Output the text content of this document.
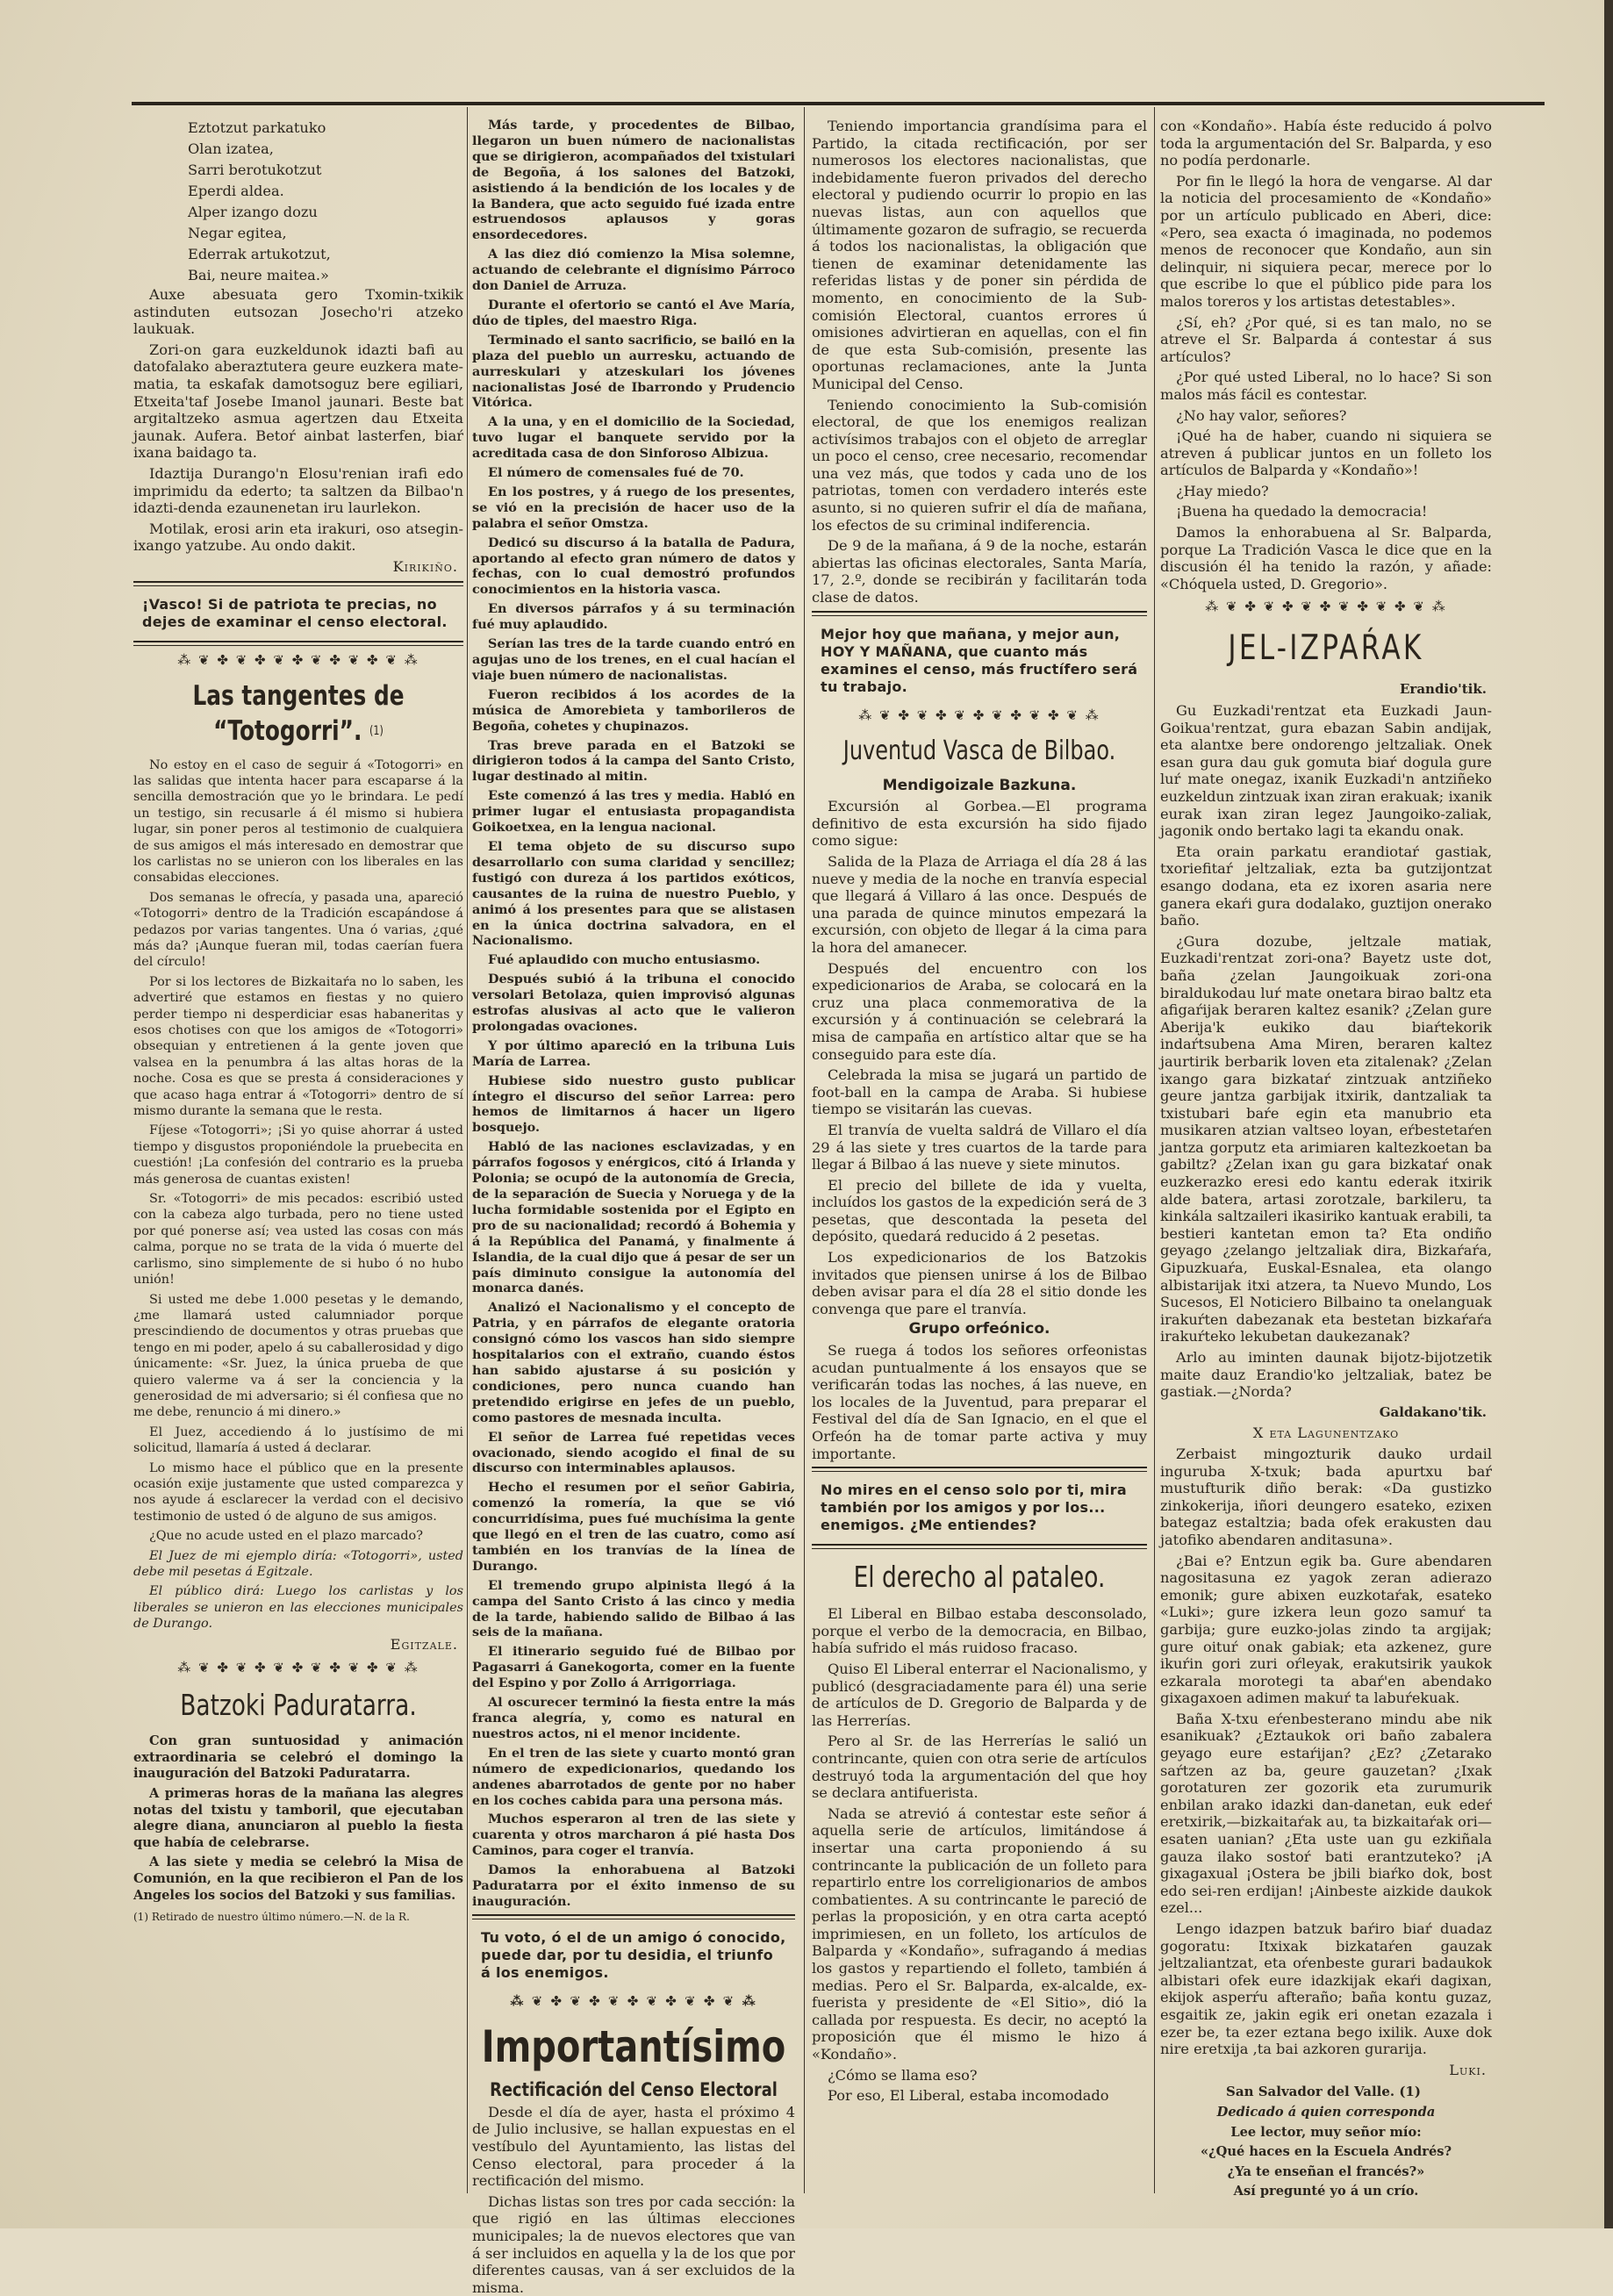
Eztotzut parkatuko

Olan izatea,

Sarri berotukotzut

Eperdi aldea.

Alper izango dozu

Negar egitea,

Ederrak artukotzut,

Bai, neure maitea.»

Auxe abesuata gero Txomin-txikik astinduten eutsozan Josecho'ri atzeko laukuak.

Zori-on gara euzkeldunok idazti bafi au datofalako aberaztutera geure euzkera mate-matia, ta eskafak damotsoguz bere egiliari, Etxeita'taf Josebe Imanol jaunari. Beste bat argitaltzeko asmua agertzen dau Etxeita jaunak. Aufera. Betoŕ ainbat lasterfen, biaŕ ixana baidago ta.

Idaztija Durango'n Elosu'renian irafi edo imprimidu da ederto; ta saltzen da Bilbao'n idazti-denda ezaunenetan iru laurlekon.

Motilak, erosi arin eta irakuri, oso atsegin-ixango yatzube. Au ondo dakit.

Kirikiño.

¡Vasco! Si de patriota te precias, no dejes de examinar el censo electoral.

⁂ ❦ ✤ ❦ ✤ ❦ ✤ ❦ ✤ ❦ ✤ ❦ ⁂

Las tangentes de “Totogorri”. $^{(1)}$

No estoy en el caso de seguir á «Totogorri» en las salidas que intenta hacer para escaparse á la sencilla demostración que yo le brindara. Le pedí un testigo, sin recusarle á él mismo si hubiera lugar, sin poner peros al testimonio de cualquiera de sus amigos el más interesado en demostrar que los carlistas no se unieron con los liberales en las consabidas elecciones.

Dos semanas le ofrecía, y pasada una, apareció «Totogorri» dentro de la Tradición escapándose á pedazos por varias tangentes. Una ó varias, ¿qué más da? ¡Aunque fueran mil, todas caerían fuera del círculo!

Por si los lectores de Bizkaitaŕa no lo saben, les advertiré que estamos en fiestas y no quiero perder tiempo ni desperdiciar esas habaneritas y esos chotises con que los amigos de «Totogorri» obsequian y entretienen á la gente joven que valsea en la penumbra á las altas horas de la noche. Cosa es que se presta á consideraciones y que acaso haga entrar á «Totogorri» dentro de sí mismo durante la semana que le resta.

Fíjese «Totogorri»; ¡Si yo quise ahorrar á usted tiempo y disgustos proponiéndole la pruebecita en cuestión! ¡La confesión del contrario es la prueba más generosa de cuantas existen!

Sr. «Totogorri» de mis pecados: escribió usted con la cabeza algo turbada, pero no tiene usted por qué ponerse así; vea usted las cosas con más calma, porque no se trata de la vida ó muerte del carlismo, sino simplemente de si hubo ó no hubo unión!

Si usted me debe 1.000 pesetas y le demando, ¿me llamará usted calumniador porque prescindiendo de documentos y otras pruebas que tengo en mi poder, apelo á su caballerosidad y digo únicamente: «Sr. Juez, la única prueba de que quiero valerme va á ser la conciencia y la generosidad de mi adversario; si él confiesa que no me debe, renuncio á mi dinero.»

El Juez, accediendo á lo justísimo de mi solicitud, llamaría á usted á declarar.

Lo mismo hace el público que en la presente ocasión exije justamente que usted comparezca y nos ayude á esclarecer la verdad con el decisivo testimonio de usted ó de alguno de sus amigos.

¿Que no acude usted en el plazo marcado?

El Juez de mi ejemplo diría: «Totogorri», usted debe mil pesetas á Egitzale.

El público dirá: Luego los carlistas y los liberales se unieron en las elecciones municipales de Durango.

Egitzale.

⁂ ❦ ✤ ❦ ✤ ❦ ✤ ❦ ✤ ❦ ✤ ❦ ⁂

Batzoki Paduratarra.

Con gran suntuosidad y animación extraordinaria se celebró el domingo la inauguración del Batzoki Paduratarra.

A primeras horas de la mañana las alegres notas del txistu y tamboril, que ejecutaban alegre diana, anunciaron al pueblo la fiesta que había de celebrarse.

A las siete y media se celebró la Misa de Comunión, en la que recibieron el Pan de los Angeles los socios del Batzoki y sus familias.

(1) Retirado de nuestro último número.—N. de la R.

Más tarde, y procedentes de Bilbao, llegaron un buen número de nacionalistas que se dirigieron, acompañados del txistulari de Begoña, á los salones del Batzoki, asistiendo á la bendición de los locales y de la Bandera, que acto seguido fué izada entre estruendosos aplausos y goras ensordecedores.

A las diez dió comienzo la Misa solemne, actuando de celebrante el dignísimo Párroco don Daniel de Arruza.

Durante el ofertorio se cantó el Ave María, dúo de tiples, del maestro Riga.

Terminado el santo sacrificio, se bailó en la plaza del pueblo un aurresku, actuando de aurreskulari y atzeskulari los jóvenes nacionalistas José de Ibarrondo y Prudencio Vitórica.

A la una, y en el domicilio de la Sociedad, tuvo lugar el banquete servido por la acreditada casa de don Sinforoso Albizua.

El número de comensales fué de 70.

En los postres, y á ruego de los presentes, se vió en la precisión de hacer uso de la palabra el señor Omstza.

Dedicó su discurso á la batalla de Padura, aportando al efecto gran número de datos y fechas, con lo cual demostró profundos conocimientos en la historia vasca.

En diversos párrafos y á su terminación fué muy aplaudido.

Serían las tres de la tarde cuando entró en agujas uno de los trenes, en el cual hacían el viaje buen número de nacionalistas.

Fueron recibidos á los acordes de la música de Amorebieta y tamborileros de Begoña, cohetes y chupinazos.

Tras breve parada en el Batzoki se dirigieron todos á la campa del Santo Cristo, lugar destinado al mitin.

Este comenzó á las tres y media. Habló en primer lugar el entusiasta propagandista Goikoetxea, en la lengua nacional.

El tema objeto de su discurso supo desarrollarlo con suma claridad y sencillez; fustigó con dureza á los partidos exóticos, causantes de la ruina de nuestro Pueblo, y animó á los presentes para que se alistasen en la única doctrina salvadora, en el Nacionalismo.

Fué aplaudido con mucho entusiasmo.

Después subió á la tribuna el conocido versolari Betolaza, quien improvisó algunas estrofas alusivas al acto que le valieron prolongadas ovaciones.

Y por último apareció en la tribuna Luis María de Larrea.

Hubiese sido nuestro gusto publicar íntegro el discurso del señor Larrea: pero hemos de limitarnos á hacer un ligero bosquejo.

Habló de las naciones esclavizadas, y en párrafos fogosos y enérgicos, citó á Irlanda y Polonia; se ocupó de la autonomía de Grecia, de la separación de Suecia y Noruega y de la lucha formidable sostenida por el Egipto en pro de su nacionalidad; recordó á Bohemia y á la República del Panamá, y finalmente á Islandia, de la cual dijo que á pesar de ser un país diminuto consigue la autonomía del monarca danés.

Analizó el Nacionalismo y el concepto de Patria, y en párrafos de elegante oratoria consignó cómo los vascos han sido siempre hospitalarios con el extraño, cuando éstos han sabido ajustarse á su posición y condiciones, pero nunca cuando han pretendido erigirse en jefes de un pueblo, como pastores de mesnada inculta.

El señor de Larrea fué repetidas veces ovacionado, siendo acogido el final de su discurso con interminables aplausos.

Hecho el resumen por el señor Gabiria, comenzó la romería, la que se vió concurridísima, pues fué muchísima la gente que llegó en el tren de las cuatro, como así también en los tranvías de la línea de Durango.

El tremendo grupo alpinista llegó á la campa del Santo Cristo á las cinco y media de la tarde, habiendo salido de Bilbao á las seis de la mañana.

El itinerario seguido fué de Bilbao por Pagasarri á Ganekogorta, comer en la fuente del Espino y por Zollo á Arrigorriaga.

Al oscurecer terminó la fiesta entre la más franca alegría, y, como es natural en nuestros actos, ni el menor incidente.

En el tren de las siete y cuarto montó gran número de expedicionarios, quedando los andenes abarrotados de gente por no haber en los coches cabida para una persona más.

Muchos esperaron al tren de las siete y cuarenta y otros marcharon á pié hasta Dos Caminos, para coger el tranvía.

Damos la enhorabuena al Batzoki Paduratarra por el éxito inmenso de su inauguración.

Tu voto, ó el de un amigo ó conocido, puede dar, por tu desidia, el triunfo á los enemigos.

⁂ ❦ ✤ ❦ ✤ ❦ ✤ ❦ ✤ ❦ ✤ ❦ ⁂

Importantísimo

Rectificación del Censo Electoral

Desde el día de ayer, hasta el próximo 4 de Julio inclusive, se hallan expuestas en el vestíbulo del Ayuntamiento, las listas del Censo electoral, para proceder á la rectificación del mismo.

Dichas listas son tres por cada sección: la que rigió en las últimas elecciones municipales; la de nuevos electores que van á ser incluidos en aquella y la de los que por diferentes causas, van á ser excluidos de la misma.

Teniendo importancia grandísima para el Partido, la citada rectificación, por ser numerosos los electores nacionalistas, que indebidamente fueron privados del derecho electoral y pudiendo ocurrir lo propio en las nuevas listas, aun con aquellos que últimamente gozaron de sufragio, se recuerda á todos los nacionalistas, la obligación que tienen de examinar detenidamente las referidas listas y de poner sin pérdida de momento, en conocimiento de la Sub-comisión Electoral, cuantos errores ú omisiones advirtieran en aquellas, con el fin de que esta Sub-comisión, presente las oportunas reclamaciones, ante la Junta Municipal del Censo.

Teniendo conocimiento la Sub-comisión electoral, de que los enemigos realizan activísimos trabajos con el objeto de arreglar un poco el censo, cree necesario, recomendar una vez más, que todos y cada uno de los patriotas, tomen con verdadero interés este asunto, si no quieren sufrir el día de mañana, los efectos de su criminal indiferencia.

De 9 de la mañana, á 9 de la noche, estarán abiertas las oficinas electorales, Santa María, 17, 2.º, donde se recibirán y facilitarán toda clase de datos.

Mejor hoy que mañana, y mejor aun, HOY Y MAÑANA, que cuanto más examines el censo, más fructífero será tu trabajo.

⁂ ❦ ✤ ❦ ✤ ❦ ✤ ❦ ✤ ❦ ✤ ❦ ⁂

Juventud Vasca de Bilbao.

Mendigoizale Bazkuna.

Excursión al Gorbea.—El programa definitivo de esta excursión ha sido fijado como sigue:

Salida de la Plaza de Arriaga el día 28 á las nueve y media de la noche en tranvía especial que llegará á Villaro á las once. Después de una parada de quince minutos empezará la excursión, con objeto de llegar á la cima para la hora del amanecer.

Después del encuentro con los expedicionarios de Araba, se colocará en la cruz una placa conmemorativa de la excursión y á continuación se celebrará la misa de campaña en artístico altar que se ha conseguido para este día.

Celebrada la misa se jugará un partido de foot-ball en la campa de Araba. Si hubiese tiempo se visitarán las cuevas.

El tranvía de vuelta saldrá de Villaro el día 29 á las siete y tres cuartos de la tarde para llegar á Bilbao á las nueve y siete minutos.

El precio del billete de ida y vuelta, incluídos los gastos de la expedición será de 3 pesetas, que descontada la peseta del depósito, quedará reducido á 2 pesetas.

Los expedicionarios de los Batzokis invitados que piensen unirse á los de Bilbao deben avisar para el día 28 el sitio donde les convenga que pare el tranvía.

Grupo orfeónico.

Se ruega á todos los señores orfeonistas acudan puntualmente á los ensayos que se verificarán todas las noches, á las nueve, en los locales de la Juventud, para preparar el Festival del día de San Ignacio, en el que el Orfeón ha de tomar parte activa y muy importante.

No mires en el censo solo por ti, mira también por los amigos y por los... enemigos. ¿Me entiendes?

El derecho al pataleo.

El Liberal en Bilbao estaba desconsolado, porque el verbo de la democracia, en Bilbao, había sufrido el más ruidoso fracaso.

Quiso El Liberal enterrar el Nacionalismo, y publicó (desgraciadamente para él) una serie de artículos de D. Gregorio de Balparda y de las Herrerías.

Pero al Sr. de las Herrerías le salió un contrincante, quien con otra serie de artículos destruyó toda la argumentación del que hoy se declara antifuerista.

Nada se atrevió á contestar este señor á aquella serie de artículos, limitándose á insertar una carta proponiendo á su contrincante la publicación de un folleto para repartirlo entre los correligionarios de ambos combatientes. A su contrincante le pareció de perlas la proposición, y en otra carta aceptó imprimiesen, en un folleto, los artículos de Balparda y «Kondaño», sufragando á medias los gastos y repartiendo el folleto, también á medias. Pero el Sr. Balparda, ex-alcalde, ex-fuerista y presidente de «El Sitio», dió la callada por respuesta. Es decir, no aceptó la proposición que él mismo le hizo á «Kondaño».

¿Cómo se llama eso?

Por eso, El Liberal, estaba incomodado

con «Kondaño». Había éste reducido á polvo toda la argumentación del Sr. Balparda, y eso no podía perdonarle.

Por fin le llegó la hora de vengarse. Al dar la noticia del procesamiento de «Kondaño» por un artículo publicado en Aberi, dice: «Pero, sea exacta ó imaginada, no podemos menos de reconocer que Kondaño, aun sin delinquir, ni siquiera pecar, merece por lo que escribe lo que el público pide para los malos toreros y los artistas detestables».

¿Sí, eh? ¿Por qué, si es tan malo, no se atreve el Sr. Balparda á contestar á sus artículos?

¿Por qué usted Liberal, no lo hace? Si son malos más fácil es contestar.

¿No hay valor, señores?

¡Qué ha de haber, cuando ni siquiera se atreven á publicar juntos en un folleto los artículos de Balparda y «Kondaño»!

¿Hay miedo?

¡Buena ha quedado la democracia!

Damos la enhorabuena al Sr. Balparda, porque La Tradición Vasca le dice que en la discusión él ha tenido la razón, y añade: «Chóquela usted, D. Gregorio».

⁂ ❦ ✤ ❦ ✤ ❦ ✤ ❦ ✤ ❦ ✤ ❦ ⁂

JEL-IZPAŔAK

Erandio'tik.

Gu Euzkadi'rentzat eta Euzkadi Jaun-Goikua'rentzat, gura ebazan Sabin andijak, eta alantxe bere ondorengo jeltzaliak. Onek esan gura dau guk gomuta biaŕ dogula gure luŕ mate onegaz, ixanik Euzkadi'n antziñeko euzkeldun zintzuak ixan ziran erakuak; ixanik eurak ixan ziran legez Jaungoiko-zaliak, jagonik ondo bertako lagi ta ekandu onak.

Eta orain parkatu erandiotaŕ gastiak, txoriefitaŕ jeltzaliak, ezta ba gutzijontzat esango dodana, eta ez ixoren asaria nere ganera ekaŕi gura dodalako, guztijon onerako baño.

¿Gura dozube, jeltzale matiak, Euzkadi'rentzat zori-ona? Bayetz uste dot, baña ¿zelan Jaungoikuak zori-ona biraldukodau luŕ mate onetara birao baltz eta afigaŕijak beraren kaltez esanik? ¿Zelan gure Aberija'k eukiko dau biaŕtekorik indaŕtsubena Ama Miren, beraren kaltez jaurtirik berbarik loven eta zitalenak? ¿Zelan ixango gara bizkataŕ zintzuak antziñeko geure jantza garbijak itxirik, dantzaliak ta txistubari baŕe egin eta manubrio eta musikaren atzian valtseo loyan, eŕbestetaŕen jantza gorputz eta arimiaren kaltezkoetan ba gabiltz? ¿Zelan ixan gu gara bizkataŕ onak euzkerazko eresi edo kantu ederak itxirik alde batera, artasi zorotzale, barkileru, ta kinkála saltzaileri ikasiriko kantuak erabili, ta bestieri kantetan emon ta? Eta ondiño geyago ¿zelango jeltzaliak dira, Bizkaŕaŕa, Gipuzkuaŕa, Euskal-Esnalea, eta olango albistarijak itxi atzera, ta Nuevo Mundo, Los Sucesos, El Noticiero Bilbaino ta onelanguak irakuŕten dabezanak eta bestetan bizkaŕaŕa irakuŕteko lekubetan daukezanak?

Arlo au iminten daunak bijotz-bijotzetik maite dauz Erandio'ko jeltzaliak, batez be gastiak.—¿Norda?

Galdakano'tik.

X eta Lagunentzako

Zerbaist mingozturik dauko urdail inguruba X-txuk; bada apurtxu baŕ mustufturik diño berak: «Da gustizko zinkokerija, iñori deungero esateko, ezixen bategaz estaltzia; bada ofek erakusten dau jatofiko abendaren anditasuna».

¿Bai e? Entzun egik ba. Gure abendaren nagositasuna ez yagok zeran adierazo emonik; gure abixen euzkotaŕak, esateko «Luki»; gure izkera leun gozo samuŕ ta garbija; gure euzko-jolas zindo ta argijak; gure oituŕ onak gabiak; eta azkenez, gure ikuŕin gori zuri oŕleyak, erakutsirik yaukok ezkarala morotegi ta abaŕ'en abendako gixagaxoen adimen makuŕ ta labuŕekuak.

Baña X-txu eŕenbesterano mindu abe nik esanikuak? ¿Eztaukok ori baño zabalera geyago eure estaŕijan? ¿Ez? ¿Zetarako saŕtzen az ba, geure gauzetan? ¿Ixak gorotaturen zer gozorik eta zurumurik enbilan arako idazki dan-danetan, euk edeŕ eretxirik,—bizkaitaŕak au, ta bizkaitaŕak ori—esaten uanian? ¿Eta uste uan gu ezkiñala gauza ilako sostoŕ bati erantzuteko? ¡A gixagaxual ¡Ostera be jbili biaŕko dok, bost edo sei-ren erdijan! ¡Ainbeste aizkide daukok ezel...

Lengo idazpen batzuk baŕiro biaŕ duadaz gogoratu: Itxixak bizkataŕen gauzak jeltzaliantzat, eta oŕenbeste gurari badaukok albistari ofek eure idazkijak ekaŕi dagixan, ekijok asperŕu afteraño; baña kontu guzaz, esgaitik ze, jakin egik eri onetan ezazala i ezer be, ta ezer eztana bego ixilik. Auxe dok nire eretxija ,ta bai azkoren gurarija.

Luki.

San Salvador del Valle. (1)

Dedicado á quien corresponda

Lee lector, muy señor mío:

«¿Qué haces en la Escuela Andrés?

¿Ya te enseñan el francés?»

Así pregunté yo á un crío.
